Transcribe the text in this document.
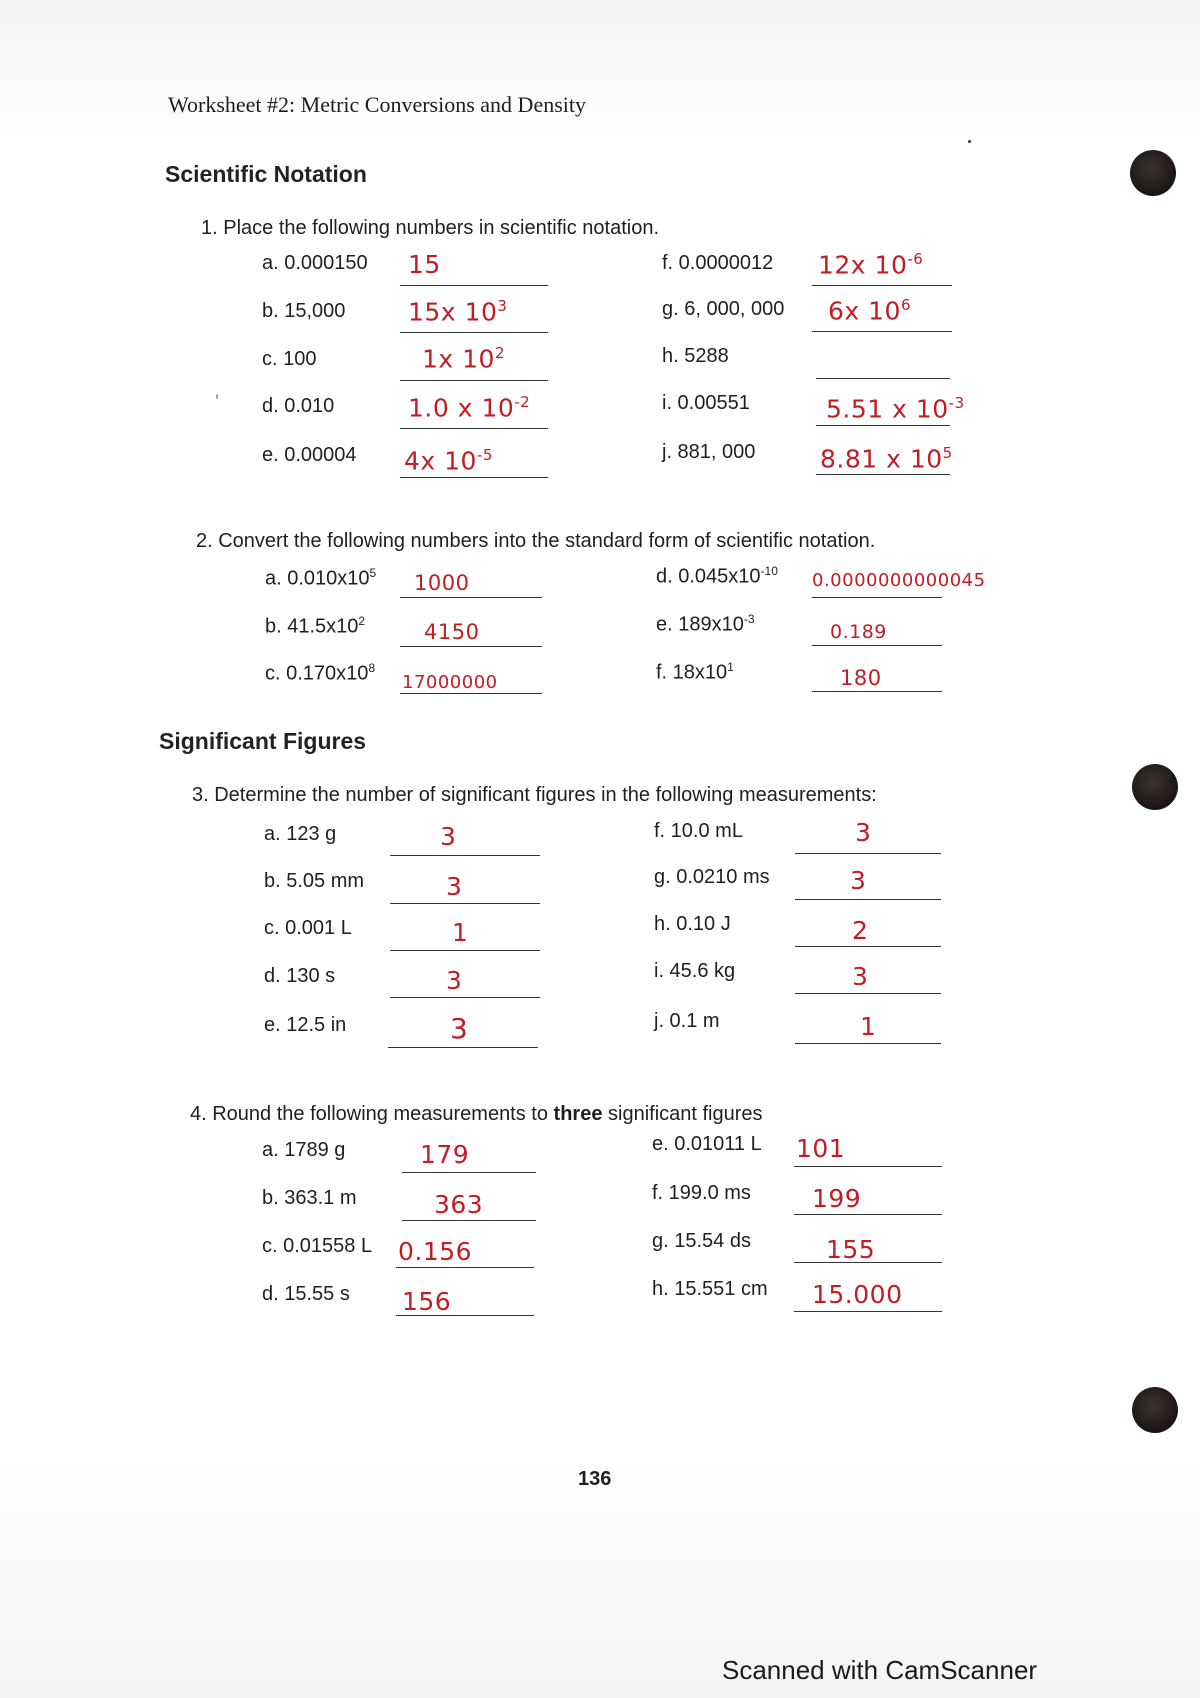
Worksheet #2: Metric Conversions and Density
Scientific Notation
1. Place the following numbers in scientific notation.
a. 0.000150 15
b. 15,000	15x $10^3$
c. 100	1x $10^2$
d. 0.010	1.0 x $10^{-2}$
e. 0.00004 4x $10^{-5}$
f. 0.0000012 12x $10^{-6}$
g. 6, 000, 000 6x $10^6$
h. 5288
i. 0.00551	5.51 x $10^{-3}$
j. 881, 000	8.81 x $10^5$
2. Convert the following numbers into the standard form of scientific notation.
a. $0.010x10^5$ 1000
b. $41.5x10^2$	4150
c. $0.170x10^8$
17000000
d. $0.045x10^{-10}$ 0.0000000000045
e. $189x10^{-3}$
0.189
f. $18x10^1$	180
Significant Figures
3. Determine the number of significant figures in the following measurements:
a. 123 g	3
b. 5.05 mm	3
c. 0.001 L	1
d. 130 s	3
e. 12.5 in	3
f. 10.0 mL	3
g. 0.0210 ms	3
h. 0.10 J	2
i. 45.6 kg	3
j. 0.1 m	1
4. Round the following measurements to three significant figures
a. 1789 g	179
b. 363.1 m	363
c. 0.01558 L 0.156
d. 15.55 s 156
e. 0.01011 L 101
f. 199.0 ms 199
g. 15.54 ds	155
h. 15.551 cm 15.000
136
Scanned with CamScanner
